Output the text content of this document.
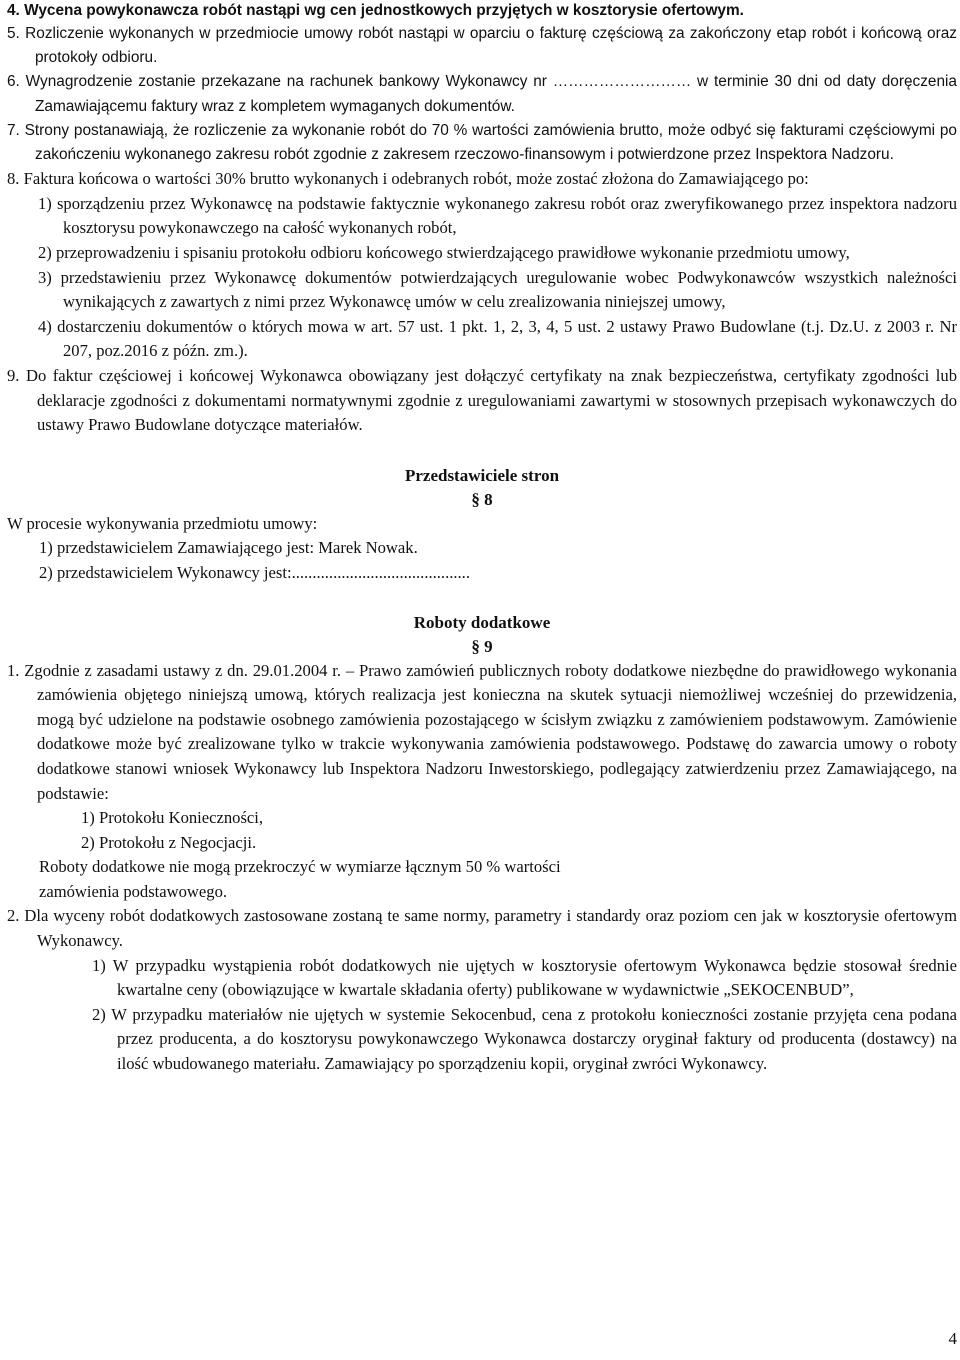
4. Wycena powykonawcza robót nastąpi wg cen jednostkowych przyjętych w kosztorysie ofertowym.

5. Rozliczenie wykonanych w przedmiocie umowy robót nastąpi w oparciu o fakturę częściową za zakończony etap robót i końcową oraz protokoły odbioru.

6. Wynagrodzenie zostanie przekazane na rachunek bankowy Wykonawcy nr ……………………… w terminie 30 dni od daty doręczenia Zamawiającemu faktury wraz z kompletem wymaganych dokumentów.

7. Strony postanawiają, że rozliczenie za wykonanie robót do 70 % wartości zamówienia brutto, może odbyć się fakturami częściowymi po zakończeniu wykonanego zakresu robót zgodnie z zakresem rzeczowo-finansowym i potwierdzone przez Inspektora Nadzoru.

8. Faktura końcowa o wartości 30% brutto wykonanych i odebranych robót, może zostać złożona do Zamawiającego po:

1) sporządzeniu przez Wykonawcę na podstawie faktycznie wykonanego zakresu robót oraz zweryfikowanego przez inspektora nadzoru kosztorysu powykonawczego na całość wykonanych robót,

2) przeprowadzeniu i spisaniu protokołu odbioru końcowego stwierdzającego prawidłowe wykonanie przedmiotu umowy,

3) przedstawieniu przez Wykonawcę dokumentów potwierdzających uregulowanie wobec Podwykonawców wszystkich należności wynikających z zawartych z nimi przez Wykonawcę umów w celu zrealizowania niniejszej umowy,

4) dostarczeniu dokumentów o których mowa w art. 57 ust. 1 pkt. 1, 2, 3, 4, 5 ust. 2 ustawy Prawo Budowlane (t.j. Dz.U. z 2003 r. Nr 207, poz.2016 z późn. zm.).

9. Do faktur częściowej i końcowej Wykonawca obowiązany jest dołączyć certyfikaty na znak bezpieczeństwa, certyfikaty zgodności lub deklaracje zgodności z dokumentami normatywnymi zgodnie z uregulowaniami zawartymi w stosownych przepisach wykonawczych do ustawy Prawo Budowlane dotyczące materiałów.

Przedstawiciele stron

§ 8

W procesie wykonywania przedmiotu umowy:

1) przedstawicielem Zamawiającego jest: Marek Nowak.

2) przedstawicielem Wykonawcy jest:...........................................

Roboty dodatkowe

§ 9

1. Zgodnie z zasadami ustawy z dn. 29.01.2004 r. – Prawo zamówień publicznych roboty dodatkowe niezbędne do prawidłowego wykonania zamówienia objętego niniejszą umową, których realizacja jest konieczna na skutek sytuacji niemożliwej wcześniej do przewidzenia, mogą być udzielone na podstawie osobnego zamówienia pozostającego w ścisłym związku z zamówieniem podstawowym. Zamówienie dodatkowe może być zrealizowane tylko w trakcie wykonywania zamówienia podstawowego. Podstawę do zawarcia umowy o roboty dodatkowe stanowi wniosek Wykonawcy lub Inspektora Nadzoru Inwestorskiego, podlegający zatwierdzeniu przez Zamawiającego, na podstawie:

1) Protokołu Konieczności,

2) Protokołu z Negocjacji.

Roboty dodatkowe nie mogą przekroczyć w wymiarze łącznym 50 % wartości

zamówienia podstawowego.

2. Dla wyceny robót dodatkowych zastosowane zostaną te same normy, parametry i standardy oraz poziom cen jak w kosztorysie ofertowym Wykonawcy.

1) W przypadku wystąpienia robót dodatkowych nie ujętych w kosztorysie ofertowym Wykonawca będzie stosował średnie kwartalne ceny (obowiązujące w kwartale składania oferty) publikowane w wydawnictwie „SEKOCENBUD”,

2) W przypadku materiałów nie ujętych w systemie Sekocenbud, cena z protokołu konieczności zostanie przyjęta cena podana przez producenta, a do kosztorysu powykonawczego Wykonawca dostarczy oryginał faktury od producenta (dostawcy) na ilość wbudowanego materiału. Zamawiający po sporządzeniu kopii, oryginał zwróci Wykonawcy.

4
